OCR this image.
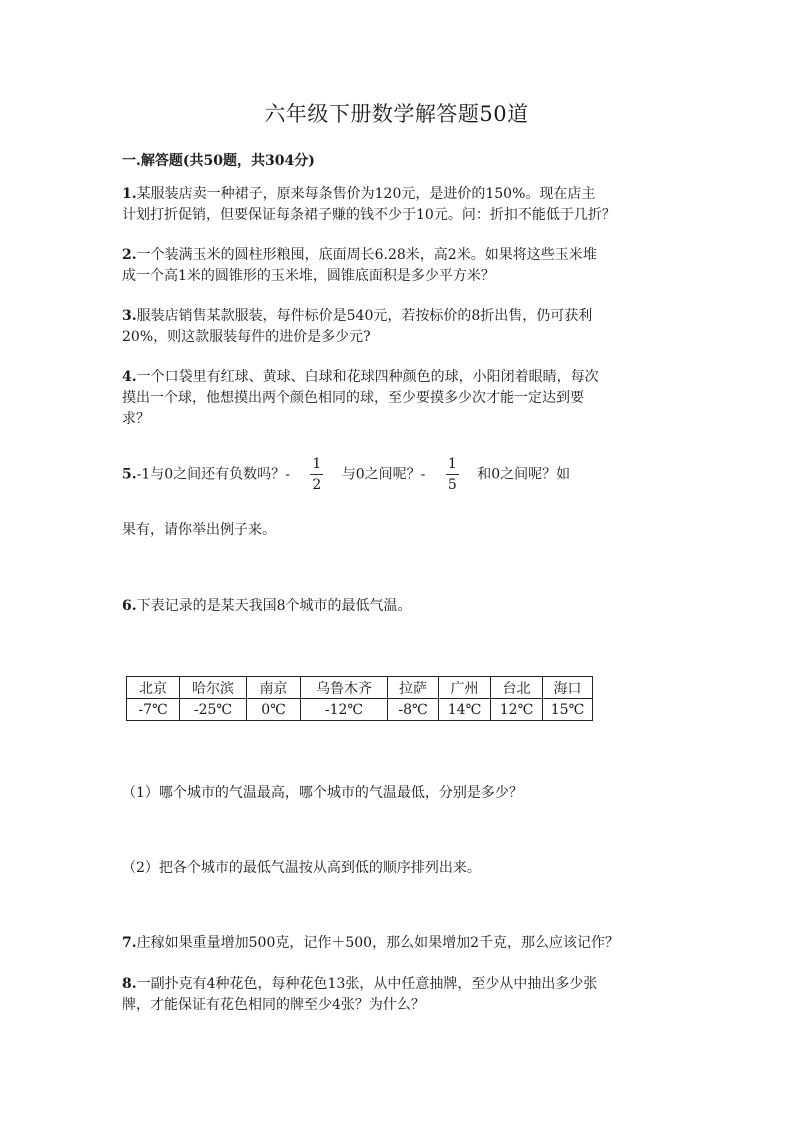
六年级下册数学解答题50道
一.解答题(共50题，共304分)
1.某服装店卖一种裙子，原来每条售价为120元，是进价的150%。现在店主
计划打折促销，但要保证每条裙子赚的钱不少于10元。问：折扣不能低于几折？
2.一个装满玉米的圆柱形粮囤，底面周长6.28米，高2米。如果将这些玉米堆
成一个高1米的圆锥形的玉米堆，圆锥底面积是多少平方米？
3.服装店销售某款服装，每件标价是540元，若按标价的8折出售，仍可获利
20%，则这款服装每件的进价是多少元?
4.一个口袋里有红球、黄球、白球和花球四种颜色的球，小阳闭着眼睛，每次
摸出一个球，他想摸出两个颜色相同的球，至少要摸多少次才能一定达到要
求？
5.-1与0之间还有负数吗？- $\frac{1}{2}$ 与0之间呢？- $\frac{1}{5}$ 和0之间呢？如
果有，请你举出例子来。
6.下表记录的是某天我国8个城市的最低气温。
北京	哈尔滨	南京	乌鲁木齐	拉萨	广州	台北	海口
-7℃	-25℃	0℃	-12℃	-8℃	14℃	12℃	15℃
（1）哪个城市的气温最高，哪个城市的气温最低，分别是多少？
（2）把各个城市的最低气温按从高到低的顺序排列出来。
7.庄稼如果重量增加500克，记作＋500，那么如果增加2千克，那么应该记作？
8.一副扑克有4种花色，每种花色13张，从中任意抽牌，至少从中抽出多少张
牌，才能保证有花色相同的牌至少4张？为什么？
